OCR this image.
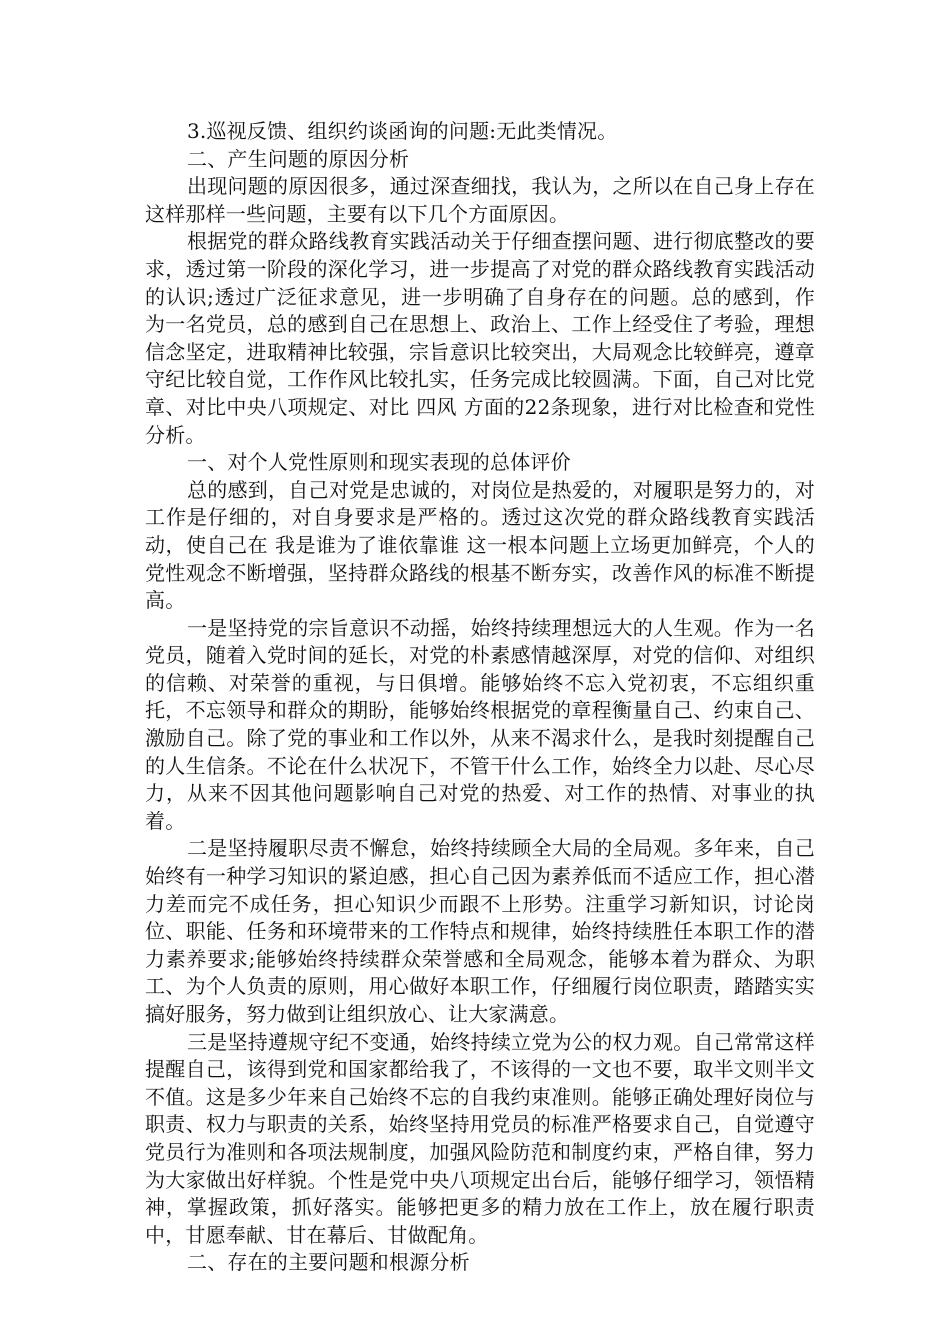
3.巡视反馈、组织约谈函询的问题:无此类情况。

二、产生问题的原因分析

出现问题的原因很多，通过深查细找，我认为，之所以在自己身上存在这样那样一些问题，主要有以下几个方面原因。

根据党的群众路线教育实践活动关于仔细查摆问题、进行彻底整改的要求，透过第一阶段的深化学习，进一步提高了对党的群众路线教育实践活动的认识;透过广泛征求意见，进一步明确了自身存在的问题。总的感到，作为一名党员，总的感到自己在思想上、政治上、工作上经受住了考验，理想信念坚定，进取精神比较强，宗旨意识比较突出，大局观念比较鲜亮，遵章守纪比较自觉，工作作风比较扎实，任务完成比较圆满。下面，自己对比党章、对比中央八项规定、对比 四风 方面的22条现象，进行对比检查和党性分析。

一、对个人党性原则和现实表现的总体评价

总的感到，自己对党是忠诚的，对岗位是热爱的，对履职是努力的，对工作是仔细的，对自身要求是严格的。透过这次党的群众路线教育实践活动，使自己在 我是谁为了谁依靠谁 这一根本问题上立场更加鲜亮，个人的党性观念不断增强，坚持群众路线的根基不断夯实，改善作风的标准不断提高。

一是坚持党的宗旨意识不动摇，始终持续理想远大的人生观。作为一名党员，随着入党时间的延长，对党的朴素感情越深厚，对党的信仰、对组织的信赖、对荣誉的重视，与日俱增。能够始终不忘入党初衷，不忘组织重托，不忘领导和群众的期盼，能够始终根据党的章程衡量自己、约束自己、激励自己。除了党的事业和工作以外，从来不渴求什么，是我时刻提醒自己的人生信条。不论在什么状况下，不管干什么工作，始终全力以赴、尽心尽力，从来不因其他问题影响自己对党的热爱、对工作的热情、对事业的执着。

二是坚持履职尽责不懈怠，始终持续顾全大局的全局观。多年来，自己始终有一种学习知识的紧迫感，担心自己因为素养低而不适应工作，担心潜力差而完不成任务，担心知识少而跟不上形势。注重学习新知识，讨论岗位、职能、任务和环境带来的工作特点和规律，始终持续胜任本职工作的潜力素养要求;能够始终持续群众荣誉感和全局观念，能够本着为群众、为职工、为个人负责的原则，用心做好本职工作，仔细履行岗位职责，踏踏实实搞好服务，努力做到让组织放心、让大家满意。

三是坚持遵规守纪不变通，始终持续立党为公的权力观。自己常常这样提醒自己，该得到党和国家都给我了，不该得的一文也不要，取半文则半文不值。这是多少年来自己始终不忘的自我约束准则。能够正确处理好岗位与职责、权力与职责的关系，始终坚持用党员的标准严格要求自己，自觉遵守党员行为准则和各项法规制度，加强风险防范和制度约束，严格自律，努力为大家做出好样貌。个性是党中央八项规定出台后，能够仔细学习，领悟精神，掌握政策，抓好落实。能够把更多的精力放在工作上，放在履行职责中，甘愿奉献、甘在幕后、甘做配角。

二、存在的主要问题和根源分析
